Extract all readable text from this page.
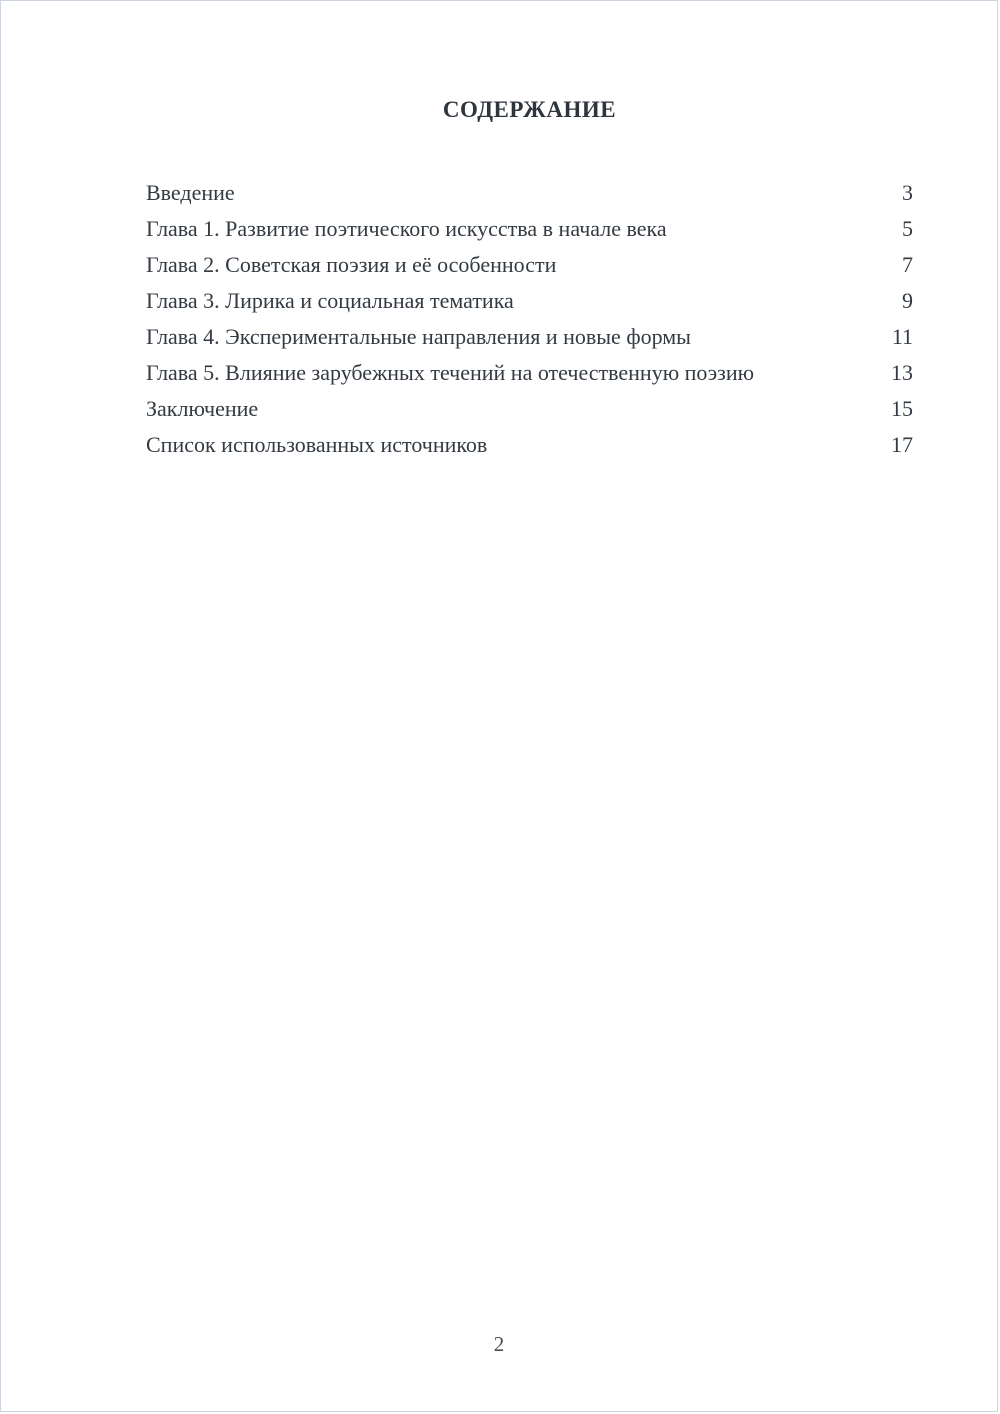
СОДЕРЖАНИЕ
Введение	3
Глава 1. Развитие поэтического искусства в начале века	5
Глава 2. Советская поэзия и её особенности	7
Глава 3. Лирика и социальная тематика	9
Глава 4. Экспериментальные направления и новые формы	11
Глава 5. Влияние зарубежных течений на отечественную поэзию	13
Заключение	15
Список использованных источников	17
2
